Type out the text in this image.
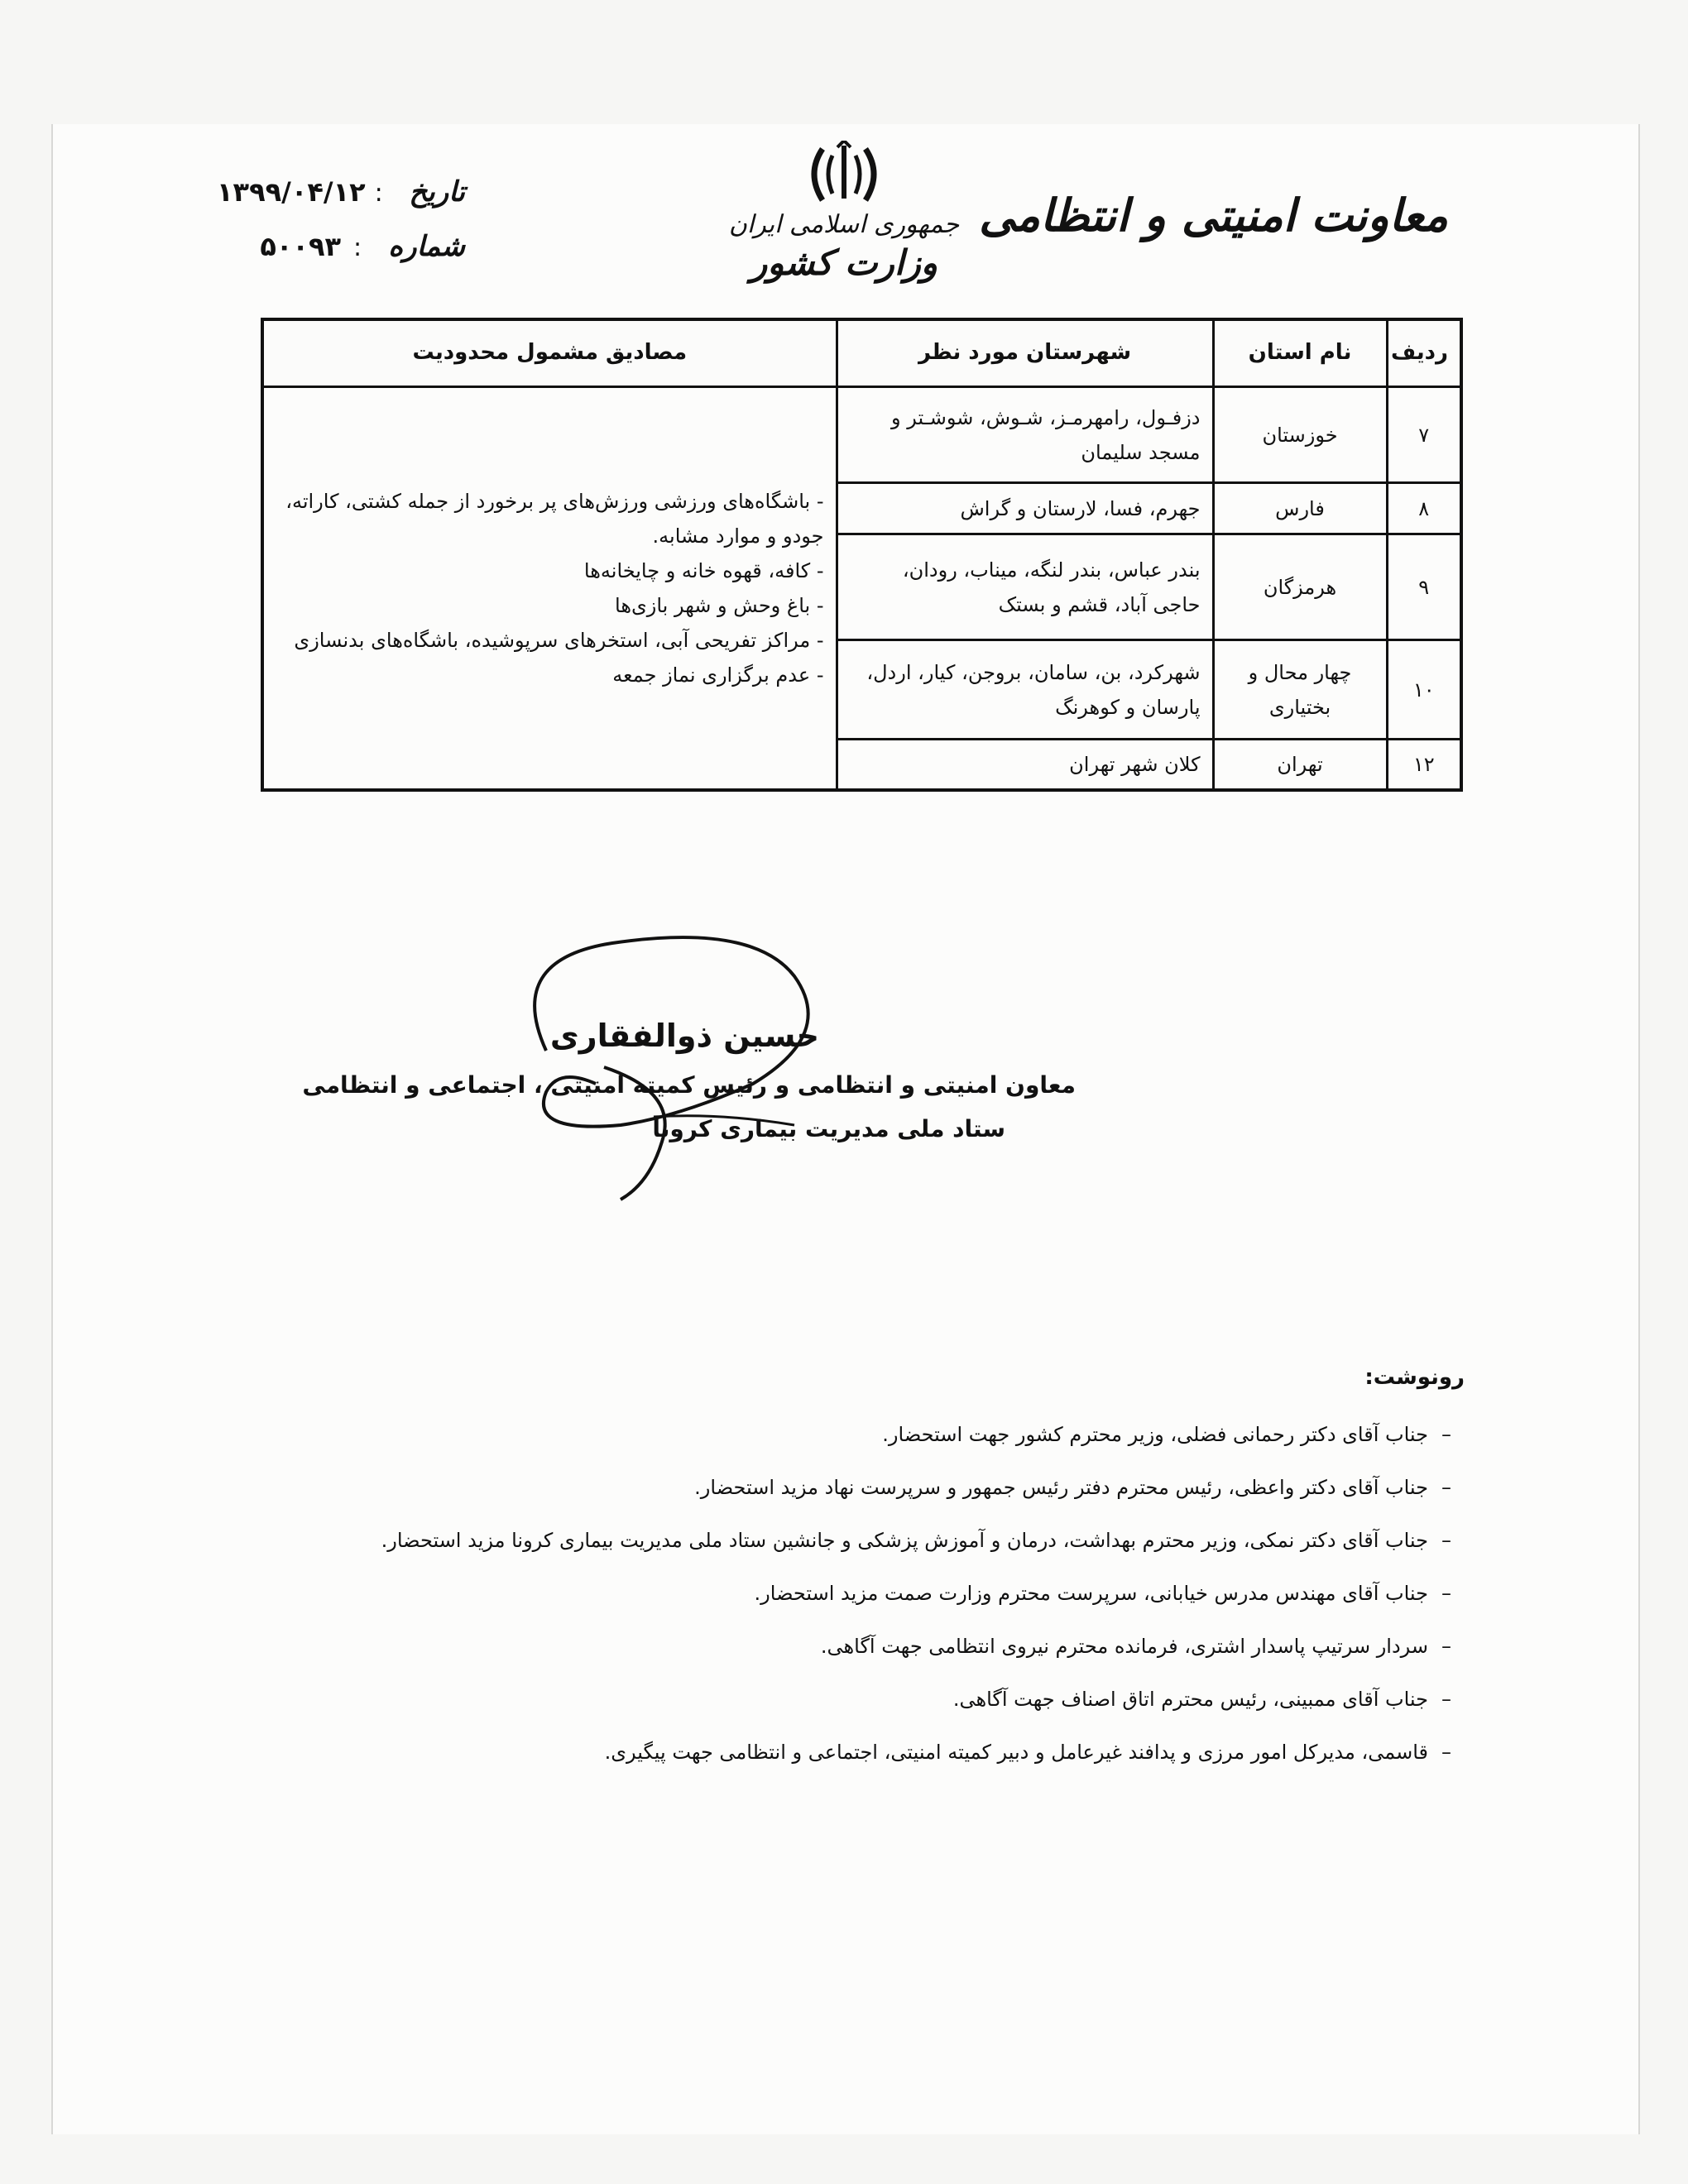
معاونت امنیتی و انتظامی
جمهوری اسلامی ایران
وزارت کشور
تاریخ
:
۱۳۹۹/۰۴/۱۲
شماره
:
۵۰۰۹۳
ردیف	نام استان	شهرستان مورد نظر	مصادیق مشمول محدودیت
۷	خوزستان	دزفـول، رامهرمـز، شـوش، شوشـتر و مسجد سلیمان	- باشگاه‌های ورزشی ورزش‌های پر برخورد از جمله کشتی، کاراته، جودو و موارد مشابه.
- کافه، قهوه خانه و چایخانه‌ها
- باغ وحش و شهر بازی‌ها
- مراکز تفریحی آبی، استخرهای سرپوشیده، باشگاه‌های بدنسازی
- عدم برگزاری نماز جمعه

۸	فارس	جهرم، فسا، لارستان و گراش	
۹	هرمزگان	بندر عباس، بندر لنگه، میناب، رودان، حاجی آباد، قشم و بستک	
۱۰	چهار محال و بختیاری	شهرکرد، بن، سامان، بروجن، کیار، اردل، پارسان و کوهرنگ	
۱۲	تهران	کلان شهر تهران	
حسین ذوالفقاری
معاون امنیتی و انتظامی و رئیس کمیته امنیتی ، اجتماعی و انتظامی
ستاد ملی مدیریت بیماری کرونا
رونوشت:
–
جناب آقای دکتر رحمانی فضلی، وزیر محترم کشور جهت استحضار.
–
جناب آقای دکتر واعظی، رئیس محترم دفتر رئیس جمهور و سرپرست نهاد مزید استحضار.
–
جناب آقای دکتر نمکی، وزیر محترم بهداشت، درمان و آموزش پزشکی و جانشین ستاد ملی مدیریت بیماری کرونا مزید استحضار.
–
جناب آقای مهندس مدرس خیابانی، سرپرست محترم وزارت صمت مزید استحضار.
–
سردار سرتیپ پاسدار اشتری، فرمانده محترم نیروی انتظامی جهت آگاهی.
–
جناب آقای ممبینی، رئیس محترم اتاق اصناف جهت آگاهی.
–
قاسمی، مدیرکل امور مرزی و پدافند غیرعامل و دبیر کمیته امنیتی، اجتماعی و انتظامی جهت پیگیری.
